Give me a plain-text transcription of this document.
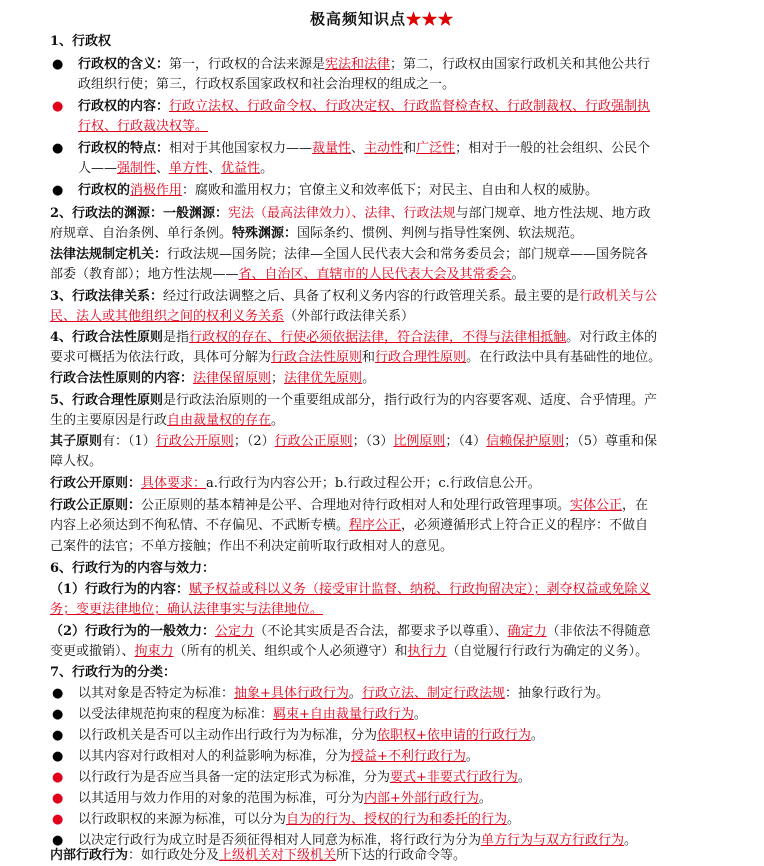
极高频知识点★★★
1、行政权
● 行政权的含义：第一，行政权的合法来源是宪法和法律；第二，行政权由国家行政机关和其他公共行
政组织行使；第三，行政权系国家政权和社会治理权的组成之一。
● 行政权的内容：行政立法权、行政命令权、行政决定权、行政监督检查权、行政制裁权、行政强制执
行权、行政裁决权等。
● 行政权的特点：相对于其他国家权力——裁量性、主动性和广泛性；相对于一般的社会组织、公民个
人——强制性、单方性、优益性。
● 行政权的消极作用：腐败和滥用权力；官僚主义和效率低下；对民主、自由和人权的威胁。
2、行政法的渊源：一般渊源：宪法（最高法律效力）、法律、行政法规与部门规章、地方性法规、地方政
府规章、自治条例、单行条例。特殊渊源：国际条约、惯例、判例与指导性案例、软法规范。
法律法规制定机关：行政法规—国务院；法律—全国人民代表大会和常务委员会；部门规章——国务院各
部委（教育部）；地方性法规——省、自治区、直辖市的人民代表大会及其常委会。
3、行政法律关系：经过行政法调整之后、具备了权利义务内容的行政管理关系。最主要的是行政机关与公
民、法人或其他组织之间的权利义务关系（外部行政法律关系）
4、行政合法性原则是指行政权的存在、行使必须依据法律，符合法律，不得与法律相抵触。对行政主体的
要求可概括为依法行政，具体可分解为行政合法性原则和行政合理性原则。在行政法中具有基础性的地位。
行政合法性原则的内容：法律保留原则；法律优先原则。
5、行政合理性原则是行政法治原则的一个重要组成部分，指行政行为的内容要客观、适度、合乎情理。产
生的主要原因是行政自由裁量权的存在。
其子原则有：（1）行政公开原则；（2）行政公正原则；（3）比例原则；（4）信赖保护原则；（5）尊重和保
障人权。
行政公开原则：具体要求：a.行政行为内容公开；b.行政过程公开；c.行政信息公开。
行政公正原则：公正原则的基本精神是公平、合理地对待行政相对人和处理行政管理事项。实体公正，在
内容上必须达到不徇私情、不存偏见、不武断专横。程序公正，必须遵循形式上符合正义的程序：不做自
己案件的法官；不单方接触；作出不利决定前听取行政相对人的意见。
6、行政行为的内容与效力：
（1）行政行为的内容：赋予权益或科以义务（接受审计监督、纳税、行政拘留决定）；剥夺权益或免除义
务；变更法律地位；确认法律事实与法律地位。
（2）行政行为的一般效力：公定力（不论其实质是否合法，都要求予以尊重）、确定力（非依法不得随意
变更或撤销）、拘束力（所有的机关、组织或个人必须遵守）和执行力（自觉履行行政行为确定的义务）。
7、行政行为的分类：
● 以其对象是否特定为标准：抽象+具体行政行为。行政立法、制定行政法规：抽象行政行为。
● 以受法律规范拘束的程度为标准：羁束+自由裁量行政行为。
● 以行政机关是否可以主动作出行政行为为标准，分为依职权+依申请的行政行为。
● 以其内容对行政相对人的利益影响为标准，分为授益+不利行政行为。
● 以行政行为是否应当具备一定的法定形式为标准，分为要式+非要式行政行为。
● 以其适用与效力作用的对象的范围为标准，可分为内部+外部行政行为。
● 以行政职权的来源为标准，可以分为自为的行为、授权的行为和委托的行为。
● 以决定行政行为成立时是否须征得相对人同意为标准，将行政行为分为单方行为与双方行政行为。
内部行政行为：如行政处分及上级机关对下级机关所下达的行政命令等。
